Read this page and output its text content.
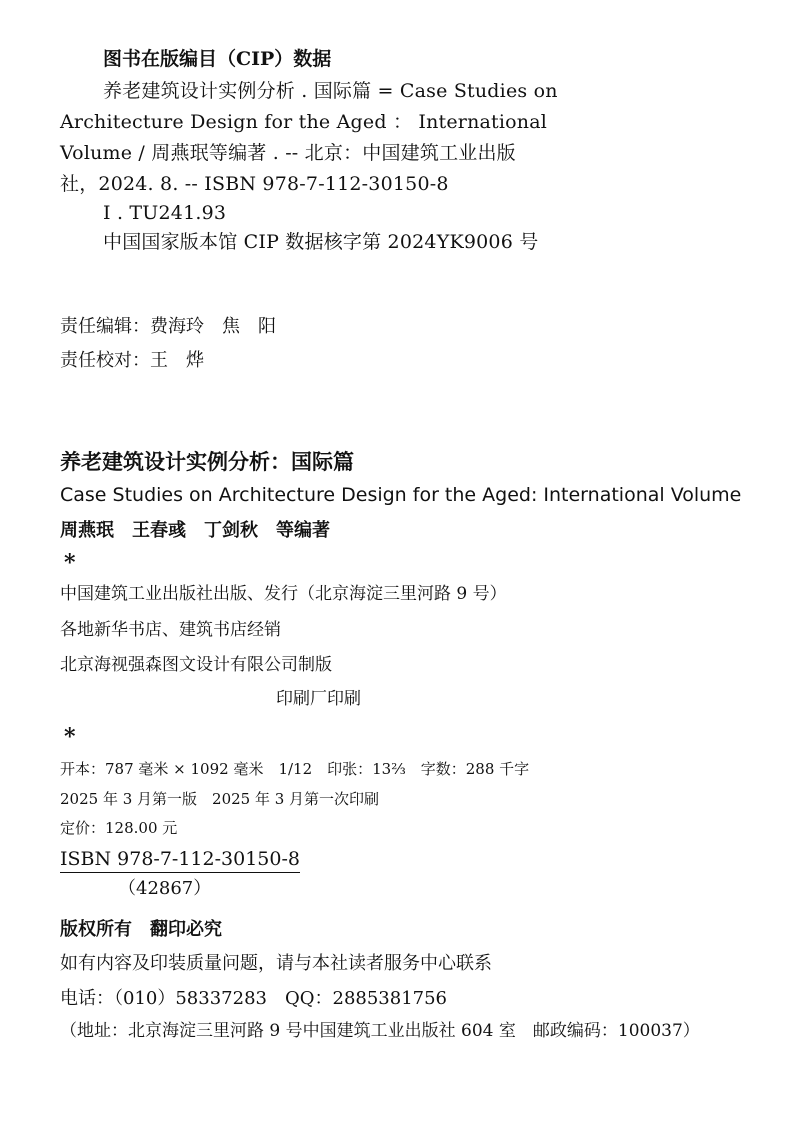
图书在版编目（CIP）数据
养老建筑设计实例分析 . 国际篇 = Case Studies on
Architecture Design for the Aged ： International
Volume / 周燕珉等编著 . -- 北京：中国建筑工业出版
社，2024. 8. -- ISBN 978-7-112-30150-8
Ⅰ . TU241.93
中国国家版本馆 CIP 数据核字第 2024YK9006 号
责任编辑：费海玲　焦　阳
责任校对：王　烨
养老建筑设计实例分析：国际篇
Case Studies on Architecture Design for the Aged: International Volume
周燕珉　王春彧　丁剑秋　等编著
*
中国建筑工业出版社出版、发行（北京海淀三里河路 9 号）
各地新华书店、建筑书店经销
北京海视强森图文设计有限公司制版
印刷厂印刷
*
开本：787 毫米 × 1092 毫米　1/12　印张：13⅔　字数：288 千字
2025 年 3 月第一版　2025 年 3 月第一次印刷
定价：128.00 元
ISBN 978-7-112-30150-8
（42867）
版权所有　翻印必究
如有内容及印装质量问题，请与本社读者服务中心联系
电话：（010）58337283　QQ：2885381756
（地址：北京海淀三里河路 9 号中国建筑工业出版社 604 室　邮政编码：100037）
